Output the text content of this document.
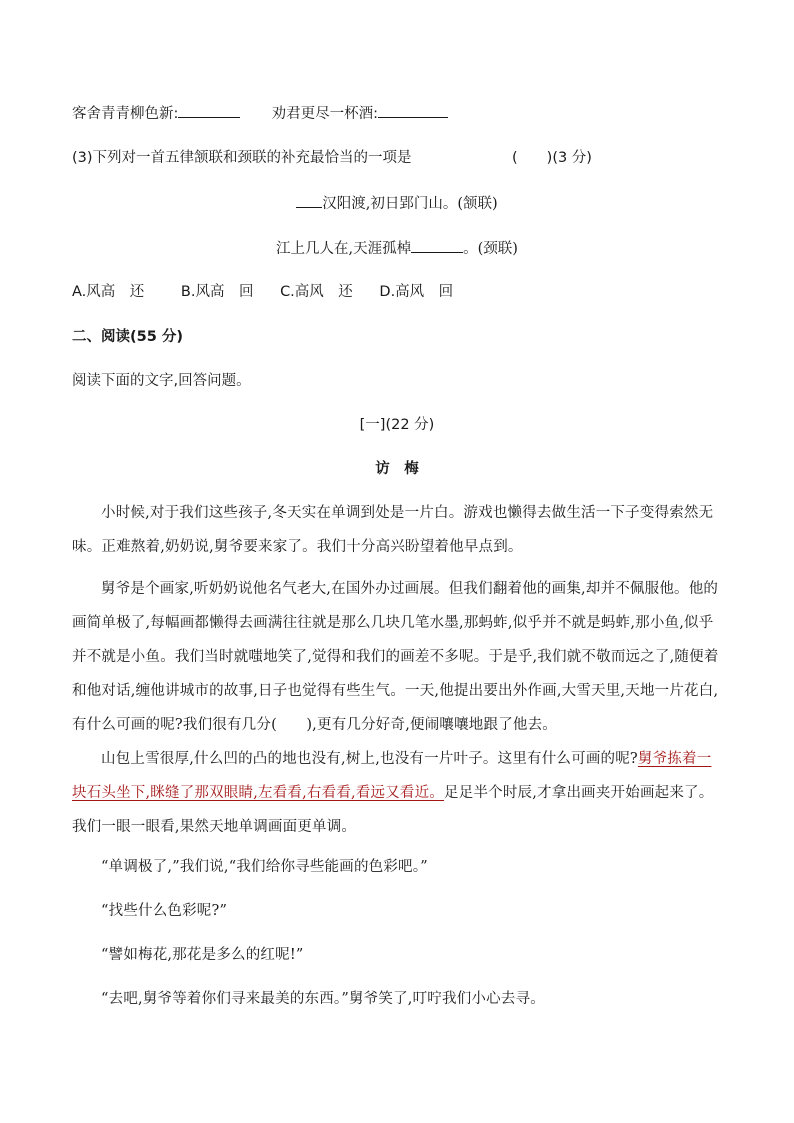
客舍青青柳色新:	劝君更尽一杯酒:
(3)下列对一首五律颔联和颈联的补充最恰当的一项是	(　　)(3 分)
汉阳渡,初日郢门山。(颔联)
江上几人在,天涯孤棹	。(颈联)
A.风高　还	B.风高　回 C.高风　还 D.高风　回
二、阅读(55 分)
阅读下面的文字,回答问题。
[一](22 分)
访　梅
小时候,对于我们这些孩子,冬天实在单调到处是一片白。游戏也懒得去做生活一下子变得索然无味。正难熬着,奶奶说,舅爷要来家了。我们十分高兴盼望着他早点到。
舅爷是个画家,听奶奶说他名气老大,在国外办过画展。但我们翻着他的画集,却并不佩服他。他的画简单极了,每幅画都懒得去画满往往就是那么几块几笔水墨,那蚂蚱,似乎并不就是蚂蚱,那小鱼,似乎并不就是小鱼。我们当时就嗤地笑了,觉得和我们的画差不多呢。于是乎,我们就不敬而远之了,随便着和他对话,缠他讲城市的故事,日子也觉得有些生气。一天,他提出要出外作画,大雪天里,天地一片花白,有什么可画的呢?我们很有几分(　　),更有几分好奇,便闹嚷嚷地跟了他去。
山包上雪很厚,什么凹的凸的地也没有,树上,也没有一片叶子。这里有什么可画的呢?舅爷拣着一块石头坐下,眯缝了那双眼睛,左看看,右看看,看远又看近。足足半个时辰,才拿出画夹开始画起来了。我们一眼一眼看,果然天地单调画面更单调。
“单调极了,”我们说,“我们给你寻些能画的色彩吧。”
“找些什么色彩呢?”
“譬如梅花,那花是多么的红呢!”
“去吧,舅爷等着你们寻来最美的东西。”舅爷笑了,叮咛我们小心去寻。
